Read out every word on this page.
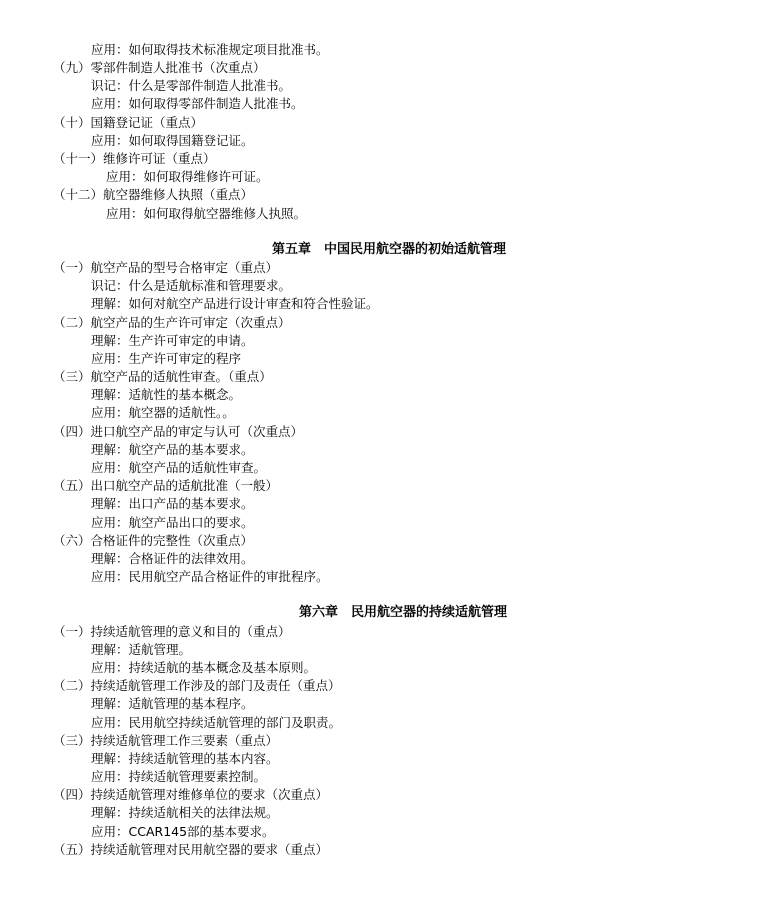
应用：如何取得技术标准规定项目批准书。
（九）零部件制造人批准书（次重点）
识记：什么是零部件制造人批准书。
应用：如何取得零部件制造人批准书。
（十）国籍登记证（重点）
应用：如何取得国籍登记证。
（十一）维修许可证（重点）
应用：如何取得维修许可证。
（十二）航空器维修人执照（重点）
应用：如何取得航空器维修人执照。
第五章　中国民用航空器的初始适航管理
（一）航空产品的型号合格审定（重点）
识记：什么是适航标准和管理要求。
理解：如何对航空产品进行设计审查和符合性验证。
（二）航空产品的生产许可审定（次重点）
理解：生产许可审定的申请。
应用：生产许可审定的程序
（三）航空产品的适航性审查。（重点）
理解：适航性的基本概念。
应用：航空器的适航性。。
（四）进口航空产品的审定与认可（次重点）
理解：航空产品的基本要求。
应用：航空产品的适航性审查。
（五）出口航空产品的适航批准（一般）
理解：出口产品的基本要求。
应用：航空产品出口的要求。
（六）合格证件的完整性（次重点）
理解：合格证件的法律效用。
应用：民用航空产品合格证件的审批程序。
第六章　民用航空器的持续适航管理
（一）持续适航管理的意义和目的（重点）
理解：适航管理。
应用：持续适航的基本概念及基本原则。
（二）持续适航管理工作涉及的部门及责任（重点）
理解：适航管理的基本程序。
应用：民用航空持续适航管理的部门及职责。
（三）持续适航管理工作三要素（重点）
理解：持续适航管理的基本内容。
应用：持续适航管理要素控制。
（四）持续适航管理对维修单位的要求（次重点）
理解：持续适航相关的法律法规。
应用：CCAR145部的基本要求。
（五）持续适航管理对民用航空器的要求（重点）
